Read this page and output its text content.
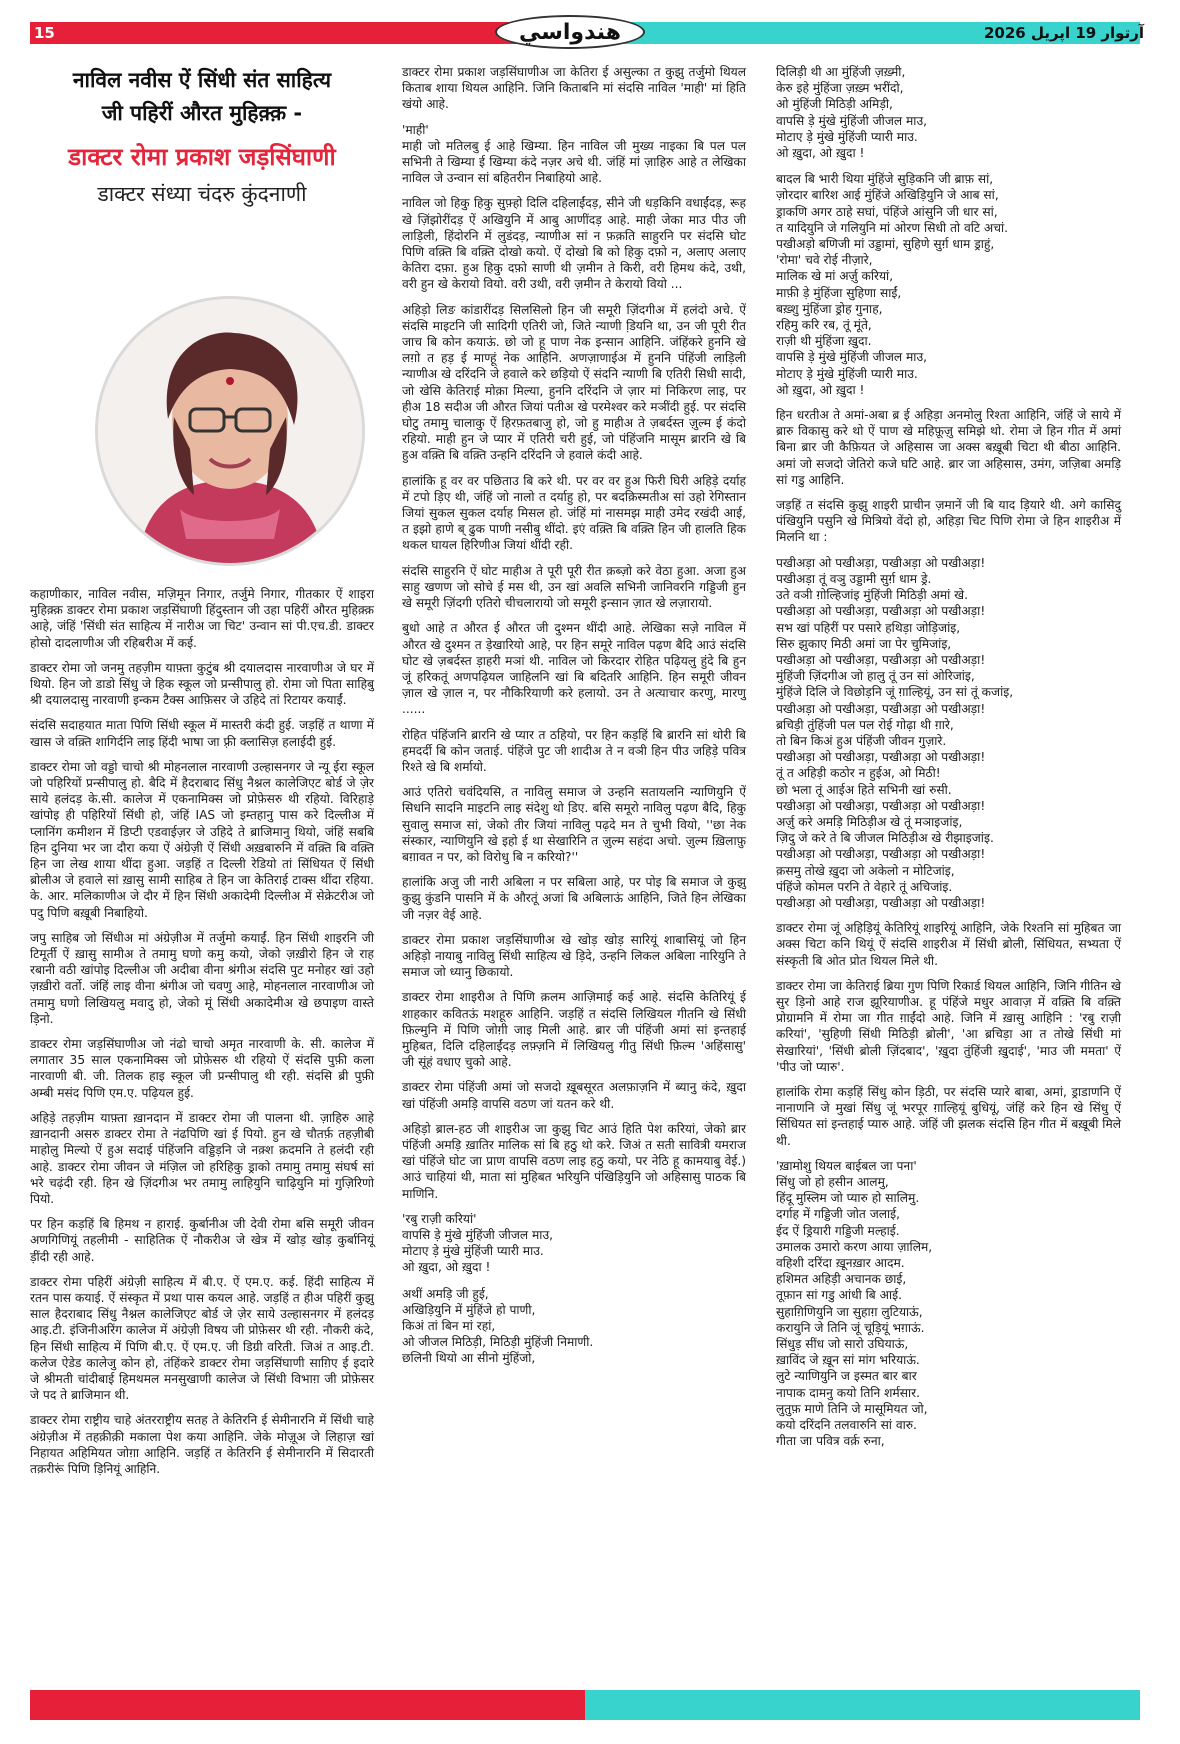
15	هندواسي	آرتوار 19 اپريل 2026
नाविल नवीस ऐं सिंधी संत साहित्य
जी पहिरीं औरत मुहिक़्क़ -
डाक्टर रोमा प्रकाश जड़सिंघाणी
डाक्टर संध्या चंदरु कुंदनाणी

कहाणीकार, नाविल नवीस, मज़िमून निगार, तर्जुमे निगार, गीतकार ऐं शाइरा मुहिक़्क़ डाक्टर रोमा प्रकाश जड़सिंघाणी हिंदुस्तान जी उहा पहिरीं औरत मुहिक़्क़ आहे, जंहिं 'सिंधी संत साहित्य में नारीअ जा चिट' उन्वान सां पी.एच.डी. डाक्टर होसो दादलाणीअ जी रहिबरीअ में कई.

डाक्टर रोमा जो जनमु तहज़ीम याफ़्ता कुटुंब श्री दयालदास नारवाणीअ जे घर में थियो. हिन जो डाडो सिंधु जे हिक स्कूल जो प्रन्सीपालु हो. रोमा जो पिता साहिबु श्री दयालदासु नारवाणी इन्कम टैक्स आफ़िसर जे उहिदे तां रिटायर कयाईं.

संदसि सदाहयात माता पिणि सिंधी स्कूल में मास्तरी कंदी हुई. जड़हिं त थाणा में खास जे वक़्ति शागिर्दनि लाइ हिंदी भाषा जा फ़्री क्लासिज़ हलाईदी हुई.

डाक्टर रोमा जो वड्डो चाचो श्री मोहनलाल नारवाणी उल्हासनगर जे न्यू ईरा स्कूल जो पहिरियों प्रन्सीपालु हो. बैदि में हैदराबाद सिंधु नैश्नल कालेजिएट बोर्ड जे ज़ेर साये हलंदड़ के.सी. कालेज में एकनामिक्स जो प्रोफ़ेसरु थी रहियो. विरिहाड़े खांपोइ ही पहिरियों सिंधी हो, जंहिं IAS जो इम्तहानु पास करे दिल्लीअ में प्लानिंग कमीशन में डिप्टी एडवाईज़र जे उहिदे ते ब्राजिमानु थियो, जंहिं सबबि हिन दुनिया भर जा दौरा कया ऐं अंग्रेज़ी ऐं सिंधी अख़बारुनि में वक़्ति बि वक़्ति हिन जा लेख शाया थींदा हुआ. जड़हिं त दिल्ली रेडियो तां सिंधियत ऐं सिंधी ब्रोलीअ जे हवाले सां ख़ासु सामी साहिब ते हिन जा केतिराई टाक्स थींदा रहिया. के. आर. मलिकाणीअ जे दौर में हिन सिंधी अकादेमी दिल्लीअ में सेक्रेटरीअ जो पदु पिणि बख़ूबी निबाहियो.

जपु साहिब जो सिंधीअ मां अंग्रेज़ीअ में तर्जुमो कयाईं. हिन सिंधी शाइरनि जी टिमूर्ती ऐं ख़ासु सामीअ ते तमामु घणो कमु कयो, जेको ज़ख़ीरो हिन जे राह रबानी वठी खांपोइ दिल्लीअ जी अदीबा वीना श्रंगीअ संदसि पुट मनोहर खां उहो ज़ख़ीरो वर्तो. जंहिं लाइ वीना श्रंगीअ जो चवणु आहे, मोहनलाल नारवाणीअ जो तमामु घणो लिखियलु मवादु हो, जेको मूं सिंधी अकादेमीअ खे छपाइण वास्ते ड़िनो.

डाक्टर रोमा जड़सिंघाणीअ जो नंढो चाचो अमृत नारवाणी के. सी. कालेज में लगातार 35 साल एकनामिक्स जो प्रोफ़ेसरु थी रहियो ऐं संदसि पुफ़ी कला नारवाणी बी. जी. तिलक हाइ स्कूल जी प्रन्सीपालु थी रही. संदसि ब्री पुफ़ी अम्बी मसंद पिणि एम.ए. पढ़ियल हुई.

अहिड़े तहज़ीम याफ़्ता ख़ानदान में डाक्टर रोमा जी पालना थी. ज़ाहिरु आहे ख़ानदानी असरु डाक्टर रोमा ते नंढपिणि खां ई पियो. हुन खे चौतर्फ़ तहज़ीबी माहोलु मिल्यो ऐं हुअ सदाई पंहिंजनि वड्डिड़नि जे नक़्श क़दमनि ते हलंदी रही आहे. डाक्टर रोमा जीवन जे मंज़िल जो हरिहिकु ड्राको तमामु तमामु संघर्ष सां भरे चढ़ंदी रही. हिन खे ज़िंदगीअ भर तमामु लाहियुनि चाढ़ियुनि मां गुज़िरिणो पियो.

पर हिन कड़हिं बि हिमथ न हाराई. कुर्बानीअ जी देवी रोमा बसि समूरी जीवन अणगिणियूं तहलीमी - साहितिक ऐं नौकरीअ जे खेत्र में खोड़ खोड़ कुर्बानियूं ड़ींदी रही आहे.

डाक्टर रोमा पहिरीं अंग्रेज़ी साहित्य में बी.ए. ऐं एम.ए. कई. हिंदी साहित्य में रतन पास कयाई. ऐं संस्कृत में प्रथा पास कयल आहे. जड़हिं त हीअ पहिरीं कुझु साल हैदराबाद सिंधु नैश्नल कालेजिएट बोर्ड जे ज़ेर साये उल्हासनगर में हलंदड़ आइ.टी. इंजिनीअरिंग कालेज में अंग्रेज़ी विषय जी प्रोफ़ेसर थी रही. नौकरी कंदे, हिन सिंधी साहित्य में पिणि बी.ए. ऐं एम.ए. जी डिग्री वरिती. जिअं त आइ.टी. कलेज ऐडेड कालेजु कोन हो, तंहिंकरे डाक्टर रोमा जड़सिंघाणी साग़िए ई इदारे जे श्रीमती चांदीबाई हिमथमल मनसुखाणी कालेज जे सिंधी विभाग़ जी प्रोफ़ेसर जे पद ते ब्राजिमान थी.

डाक्टर रोमा राष्ट्रीय चाहे अंतरराष्ट्रीय सतह ते केतिरनि ई सेमीनारनि में सिंधी चाहे अंग्रेज़ीअ में तहक़ीक़ी मकाला पेश कया आहिनि. जेके मोज़ूअ जे लिहाज़ खां निहायत अहिमियत जोग़ा आहिनि. जड़हिं त केतिरनि ई सेमीनारनि में सिदारती तक़रीरूं पिणि ड़िनियूं आहिनि.

डाक्टर रोमा प्रकाश जड़सिंघाणीअ जा केतिरा ई असुल्का त कुझु तर्जुमो थियल किताब शाया थियल आहिनि. जिनि किताबनि मां संदसि नाविल 'माही' मां हिति खंयो आहे.

'माही'

माही जो मतिलबु ई आहे खिम्या. हिन नाविल जी मुख्य नाइका बि पल पल सभिनी ते खिम्या ई खिम्या कंदे नज़र अचे थी. जंहिं मां ज़ाहिरु आहे त लेखिका नाविल जे उन्वान सां बहितरीन निबाहियो आहे.

नाविल जो हिकु हिकु सुफ़्हो दिलि दहिलाईंदड़, सीने जी धड़किनि वधाईंदड़, रूह खे ज़िंझोरींदड़ ऐं अखियुनि में आबु आणींदड़ आहे. माही जेका माउ पीउ जी लाड़िली, हिंदोरनि में लुडंदड़, न्याणीअ सां न फ़क़ति साहुरनि पर संदसि घोट पिणि वक़्ति बि वक़्ति दोखो कयो. ऐं दोखो बि को हिकु दफ़ो न, अलाए अलाए केतिरा दफ़ा. हुअ हिकु दफ़ो साणी थी ज़मीन ते किरी, वरी हिमथ कंदे, उथी, वरी हुन खे केरायो वियो. वरी उथी, वरी ज़मीन ते केरायो वियो ...

अहिड़ो लिङ कांडारींदड़ सिलसिलो हिन जी समूरी ज़िंदगीअ में हलंदो अचे. ऐं संदसि माइटनि जी सादिगी एतिरी जो, जिते न्याणी डि़यनि था, उन जी पूरी रीत जाच बि कोन कयाऊं. छो जो हू पाण नेक इन्सान आहिनि. जंहिंकरे हुननि खे लग़ो त हड़ ई माण्हूं नेक आहिनि. अणज़ाणाईअ में हुननि पंहिंजी लाड़िली न्याणीअ खे दरिंदनि जे हवाले करे छड़ियो ऐं संदनि न्याणी बि एतिरी सिधी सादी, जो खेसि केतिराई मोक़ा मिल्या, हुननि दरिंदनि जे ज़ार मां निकिरण लाइ, पर हीअ 18 सदीअ जी औरत जियां पतीअ खे परमेश्वर करे मञींदी हुई. पर संदसि घोटु तमामु चालाकु ऐं हिरफ़तबाजु हो, जो हु माहीअ ते ज़बर्दस्त ज़ुल्म ई कंदो रहियो. माही हुन जे प्यार में एतिरी चरी हुई, जो पंहिंजनि मासूम ब्रारनि खे बि हुअ वक़्ति बि वक़्ति उन्हनि दरिंदनि जे हवाले कंदी आहे.

हालांकि हू वर वर पछिताउ बि करे थी. पर वर वर हुअ फिरी घिरी अहिड़े दर्याह में टपो ड़िए थी, जंहिं जो नालो त दर्याहु हो, पर बदक़िस्मतीअ सां उहो रेगिस्तान जियां सुकल सुकल दर्याह मिसल हो. जंहिं मां नासमझ माही उमेद रखंदी आई, त इझो हाणे ब् ढुक पाणी नसीबु थींदो. इएं वक़्ति बि वक़्ति हिन जी हालति हिक थकल घायल हिरिणीअ जियां थींदी रही.

संदसि साहुरनि ऐं घोट माहीअ ते पूरी पूरी रीत क़ब्ज़ो करे वेठा हुआ. अजा हुअ साहु खणण जो सोचे ई मस थी, उन खां अवलि सभिनी जानिवरनि गड्डिजी हुन खे समूरी ज़िंदगी एतिरो चीचलारायो जो समूरी इन्सान ज़ात खे लज़ारायो.

बुधो आहे त औरत ई औरत जी दुश्मन थींदी आहे. लेखिका सज़े नाविल में औरत खे दुश्मन त ड़ेखारियो आहे, पर हिन समूरे नाविल पढ़ण बैदि आउं संदसि घोट खे ज़बर्दस्त ड़ाहरी मञां थी. नाविल जो किरदार रोहित पढ़ियलु हुंदे बि हुन जूं हरिकतूं अणपढ़ियल जाहिलनि खां बि बदितरि आहिनि. हिन समूरी जीवन ज़ाल खे ज़ाल न, पर नौकिरियाणी करे हलायो. उन ते अत्याचार करणु, मारणु ......

रोहित पंहिंजनि ब्रारनि खे प्यार त ठहियो, पर हिन कड़हिं बि ब्रारनि सां थोरी बि हमदर्दी बि कोन जताई. पंहिंजे पुट जी शादीअ ते न वञी हिन पीउ जहिड़े पवित्र रिश्ते खे बि शर्मायो.

आउं एतिरो चवंदियसि, त नाविलु समाज जे उन्हनि सतायलनि न्याणियुनि ऐं सिधनि सादनि माइटनि लाइ संदेशु थो डि़ए. बसि समूरो नाविलु पढ़ण बैदि, हिकु सुवालु समाज सां, जेको तीर जियां नाविलु पढ़दे मन ते चुभी वियो, ''छा नेक संस्कार, न्याणियुनि खे इहो ई था सेखारिनि त ज़ुल्म सहंदा अचो. ज़ुल्म ख़िलाफ़ु बग़ावत न पर, को विरोधु बि न करियो?''

हालांकि अजु जी नारी अबिला न पर सबिला आहे, पर पोइ बि समाज जे कुझु कुझु कुंडनि पासनि में के औरतूं अजां बि अबिलाऊं आहिनि, जिते हिन लेखिका जी नज़र वेई आहे.

डाक्टर रोमा प्रकाश जड़सिंघाणीअ खे खोड़ खोड़ सारियूं शाबासियूं जो हिन अहिड़ो नायाबु नाविलु सिंधी साहित्य खे ड़िदे, उन्हनि लिकल अबिला नारियुनि ते समाज जो ध्यानु छिकायो.

डाक्टर रोमा शाइरीअ ते पिणि क़लम आज़िमाई कई आहे. संदसि केतिरियूं ई शाहकार कवितऊं मशहूरु आहिनि. जड़हिं त संदसि लिखियल गीतनि खे सिंधी फ़िल्मुनि में पिणि जोग़ी जाइ मिली आहे. ब्रार जी पंहिंजी अमां सां इन्तहाई मुहिबत, दिलि दहिलाईंदड़ लफ़्ज़नि में लिखियलु गीतु सिंधी फ़िल्म 'अहिंसासु' जी सूंहं वधाए चुको आहे.

डाक्टर रोमा पंहिंजी अमां जो सजदो ख़ूबसूरत अलफ़ाज़नि में ब्यानु कंदे, ख़ुदा खां पंहिंजी अमड़ि वापसि वठण जां यतन करे थी.

अहिड़ो ब्राल-हठ जी शाइरीअ जा कुझु चिट आउं हिति पेश करियां, जेको ब्रार पंहिंजी अमड़ि ख़ातिर मालिक सां बि हठु थो करे. जिअं त सती सावित्री यमराज खां पंहिंजे घोट जा प्राण वापसि वठण लाइ हठु कयो, पर नेठि हू कामयाबु वेई.) आउं चाहियां थी, माता सां मुहिबत भरियुनि पंखिड़ियुनि जो अहिसासु पाठक बि माणिनि.

'रबु राज़ी करियां'
वापसि ड़े मुंखे मुंहिंजी जीजल माउ,
मोटाए ड़े मुंखे मुंहिंजी प्यारी माउ.
ओ ख़ुदा, ओ ख़ुदा !
अथीं अमड़ि जी हुई,
अखिड़ियुनि में मुंहिंजे हो पाणी,
किअं तां बिन मां रहां,
ओ जीजल मिठिड़ी, मिठिड़ी मुंहिंजी निमाणी.
छलिनी थियो आ सीनो मुंहिंजो,
दिलिड़ी थी आ मुंहिंजी ज़ख़्मी,
केरु इहे मुंहिंजा ज़ख़्म भरींदो,
ओ मुंहिंजी मिठिड़ी अमिड़ी,
वापसि ड़े मुंखे मुंहिंजी जीजल माउ,
मोटाए ड़े मुंखे मुंहिंजी प्यारी माउ.
ओ ख़ुदा, ओ ख़ुदा !
बादल बि भारी थिया मुंहिंजे सुड़िकनि जी ब्राफ़ सां,
ज़ोरदार बारिश आई मुंहिंजे अखिड़ियुनि जे आब सां,
ड्राकणि अगर ठाहे सघां, पंहिंजे आंसुनि जी धार सां,
त यादियुनि जे गलियुनि मां ओरण सिधी तो वटि अचां.
पखीअड़ो बणिजी मां उड्डामां, सुहिणे सुर्ग़ धाम ड्राहुं,
'रोमा' चवे रोई नीज़ारे,
मालिक खे मां अर्ज़ु करियां,
माफ़ी ड़े मुंहिंजा सुहिणा साईं,
बख़्शु मुंहिंजा ड्रोह गुनाह,
रहिमु करि रब, तूं मूंते,
राज़ी थी मुंहिंजा ख़ुदा.
वापसि ड़े मुंखे मुंहिंजी जीजल माउ,
मोटाए ड़े मुंखे मुंहिंजी प्यारी माउ.
ओ ख़ुदा, ओ ख़ुदा !

हिन धरतीअ ते अमां-अबा ब्र ई अहिड़ा अनमोलु रिश्ता आहिनि, जंहिं जे साये में ब्रारु विकासु करे थो ऐं पाण खे महिफ़ूज़ु समिझे थो. रोमा जे हिन गीत में अमां बिना ब्रार जी कैफ़ियत जे अहिसास जा अक्स बख़ूबी चिटा थी बीठा आहिनि. अमां जो सजदो जेतिरो कजे घटि आहे. ब्रार जा अहिसास, उमंग, जज़िबा अमड़ि सां गडु आहिनि.

जड़हिं त संदसि कुझु शाइरी प्राचीन ज़मानें जी बि याद ड़ियारे थी. अगे कासिदु पंखियुनि पसुनि खे मित्रियो वेंदो हो, अहिड़ा चिट पिणि रोमा जे हिन शाइरीअ में मिलनि था :

पखीअड़ा ओ पखीअड़ा, पखीअड़ा ओ पखीअड़ा!
पखीअड़ा तूं वञु उड्डामी सुर्ग़ धाम ड्रे.
उते वञी ग़ोल्हिजांइ मुंहिंजी मिठिड़ी अमां खे.
पखीअड़ा ओ पखीअड़ा, पखीअड़ा ओ पखीअड़ा!
सभ खां पहिरीं पर पसारे हथिड़ा जोड़िजांइ,
सिरु झुकाए मिठी अमां जा पेर चुमिजांइ,
पखीअड़ा ओ पखीअड़ा, पखीअड़ा ओ पखीअड़ा!
मुंहिंजी ज़िंदगीअ जो हालु तूं उन सां ओरिजांइ,
मुंहिंजे दिलि जे विछोड़नि जूं ग़ाल्हियूं, उन सां तूं कजांइ,
पखीअड़ा ओ पखीअड़ा, पखीअड़ा ओ पखीअड़ा!
ब्रचिड़ी तुंहिंजी पल पल रोई गोढ़ा थी ग़ारे,
तो बिन किअं हुअ पंहिंजी जीवन गुज़ारे.
पखीअड़ा ओ पखीअड़ा, पखीअड़ा ओ पखीअड़ा!
तूं त अहिड़ी कठोर न हुईअ, ओ मिठी!
छो भला तूं आईअ हिते सभिनी खां रुसी.
पखीअड़ा ओ पखीअड़ा, पखीअड़ा ओ पखीअड़ा!
अर्ज़ु करे अमड़ि मिठिड़ीअ खे तूं मञाइजांइ,
ज़िदु जे करे ते बि जीजल मिठिड़ीअ खे रीझाइजांइ.
पखीअड़ा ओ पखीअड़ा, पखीअड़ा ओ पखीअड़ा!
क़समु तोखे ख़ुदा जो अकेलो न मोटिजांइ,
पंहिंजे कोमल परनि ते वेहारे तूं अचिजांइ.
पखीअड़ा ओ पखीअड़ा, पखीअड़ा ओ पखीअड़ा!

डाक्टर रोमा जूं अहिड़ियूं केतिरियूं शाइरियूं आहिनि, जेके रिश्तनि सां मुहिबत जा अक्स चिटा कनि थियूं ऐं संदसि शाइरीअ में सिंधी ब्रोली, सिंधियत, सभ्यता ऐं संस्कृती बि ओत प्रोत थियल मिले थी.

डाक्टर रोमा जा केतिराई ब्रिया गुण पिणि रिकार्ड थियल आहिनि, जिनि गीतिन खे सुर ड़िनो आहे राज झूरियाणीअ. हू पंहिंजे मधुर आवाज़ में वक़्ति बि वक़्ति प्रोग्रामनि में रोमा जा गीत ग़ाईंदो आहे. जिनि में ख़ासु आहिनि : 'रबु राज़ी करियां', 'सुहिणी सिंधी मिठिड़ी ब्रोली', 'आ ब्रचिड़ा आ त तोखे सिंधी मां सेखारियां', 'सिंधी ब्रोली ज़िंदबाद', 'ख़ुदा तुंहिंजी ख़ुदाई', 'माउ जी ममता' ऐं 'पीउ जो प्यारु'.

हालांकि रोमा कड़हिं सिंधु कोन ड़िठी, पर संदसि प्यारे बाबा, अमां, ड्राडाणनि ऐं नानाणनि जे मुखां सिंधु जूं भरपूर ग़ाल्हियूं बुधियूं, जंहिं करे हिन खे सिंधु ऐं सिंधियत सां इन्तहाई प्यारु आहे. जंहिं जी झलक संदसि हिन गीत में बख़ूबी मिले थी.

'ख़ामोशु थियल बाईबल जा पना'
सिंधु जो हो हसीन आलमु,
हिंदू मुस्लिम जो प्यारु हो सालिमु.
दर्गाह में गड्डिजी जोत जलाई,
ईद ऐं ड्रियारी गड्डिजी मल्हाई.
उमालक उमारो करण आया ज़ालिम,
वहिशी दरिंदा ख़ूनख़ार आदम.
हशिमत अहिड़ी अचानक छाई,
तूफ़ान सां गडु आंधी बि आई.
सुहाग़िणियुनि जा सुहाग़ लुटियाऊं,
करायुनि जे तिनि जूं चूड़ियूं भग़ाऊं.
सिंधुड़ सींध जो सारो उघियाऊं,
ख़ाविंद जे ख़ून सां मांग भरियाऊं.
लुटे न्याणियुनि ज इस्मत बार बार
नापाक दामनु कयो तिनि शर्मसार.
लुतुफ़ माणे तिनि जे मासूमियत जो,
कयो दरिंदनि तलवारुनि सां वारु.
गीता जा पवित्र वर्क़ रुना,
